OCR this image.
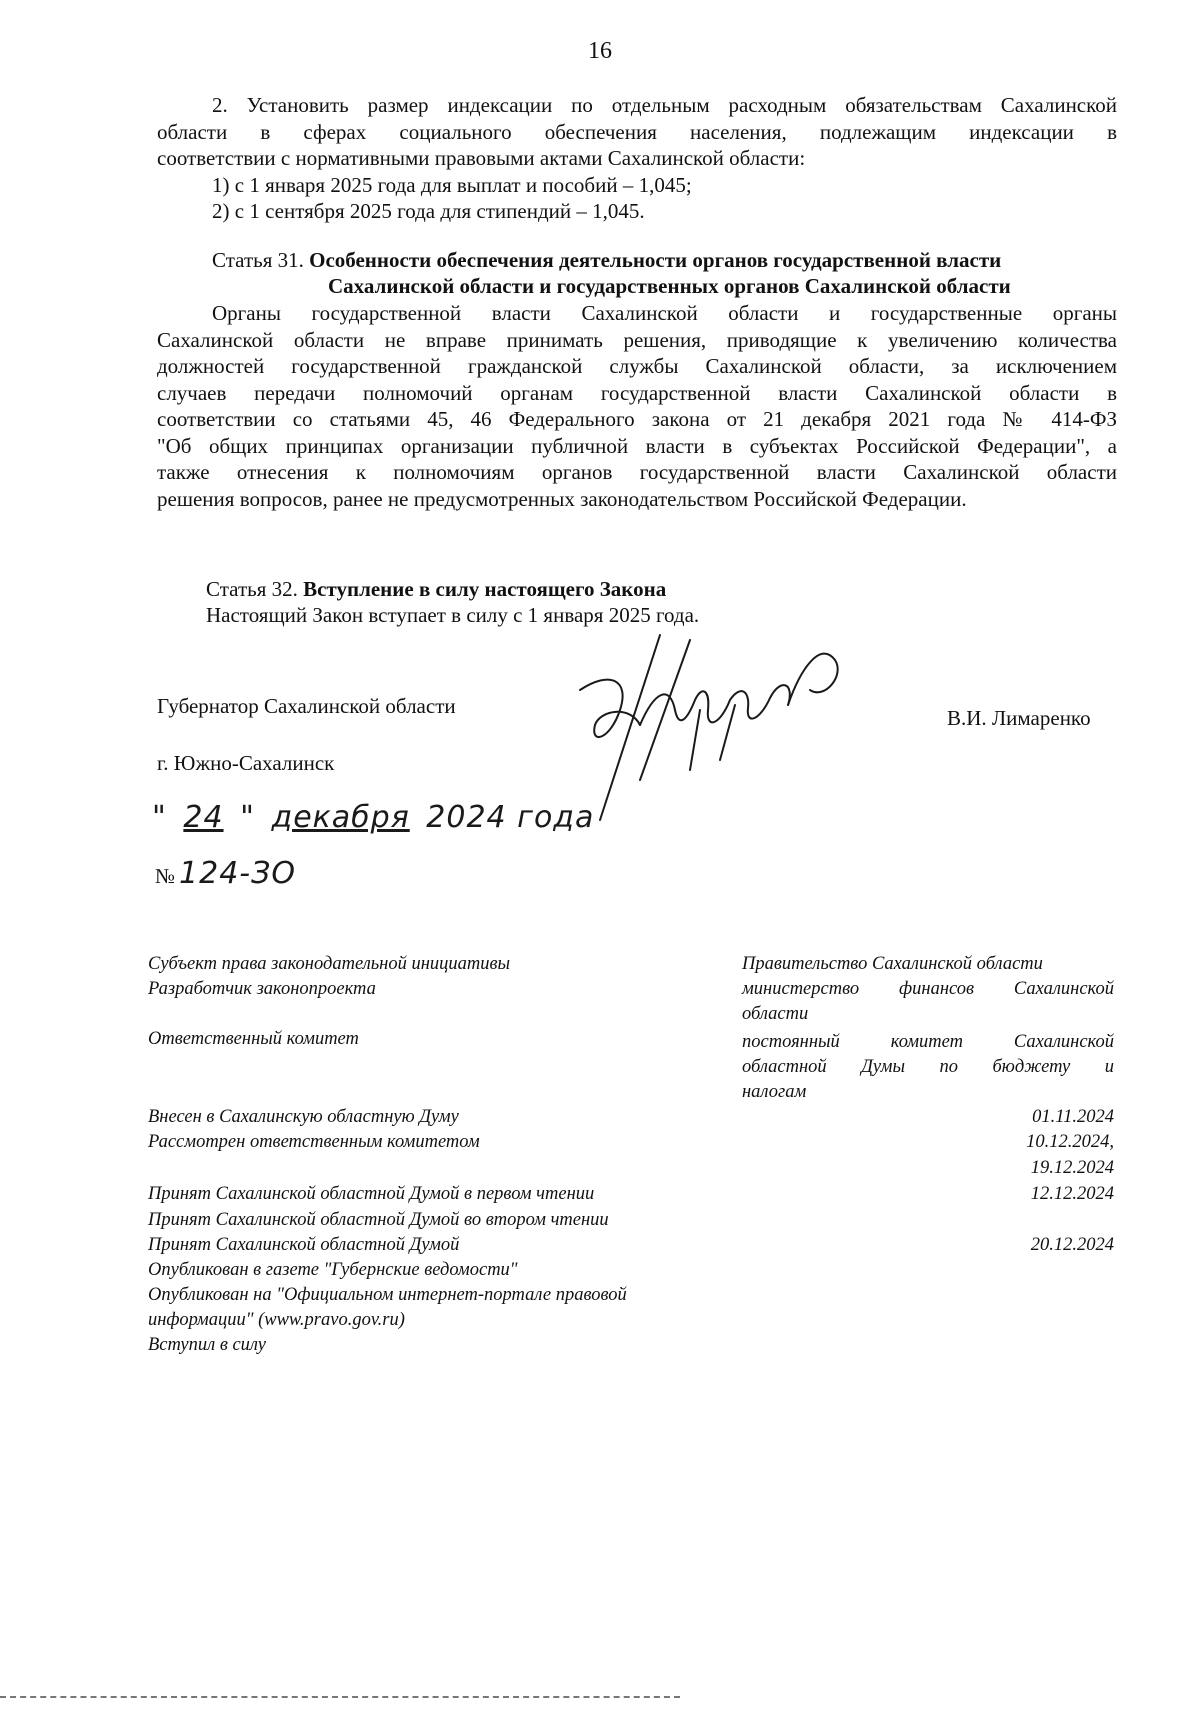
16
2. Установить размер индексации по отдельным расходным обязательствам Сахалинской
области в сферах социального обеспечения населения, подлежащим индексации в
соответствии с нормативными правовыми актами Сахалинской области:
1) с 1 января 2025 года для выплат и пособий – 1,045;
2) с 1 сентября 2025 года для стипендий – 1,045.
Статья 31. Особенности обеспечения деятельности органов государственной власти
Сахалинской области и государственных органов Сахалинской области
Органы государственной власти Сахалинской области и государственные органы
Сахалинской области не вправе принимать решения, приводящие к увеличению количества
должностей государственной гражданской службы Сахалинской области, за исключением
случаев передачи полномочий органам государственной власти Сахалинской области в
соответствии со статьями 45, 46 Федерального закона от 21 декабря 2021 года № 414-ФЗ
"Об общих принципах организации публичной власти в субъектах Российской Федерации", а
также отнесения к полномочиям органов государственной власти Сахалинской области
решения вопросов, ранее не предусмотренных законодательством Российской Федерации.
Статья 32. Вступление в силу настоящего Закона
Настоящий Закон вступает в силу с 1 января 2025 года.
Губернатор Сахалинской области	В.И. Лимаренко
г. Южно-Сахалинск
" 24 " декабря 2024 года
№ 124-ЗО
Субъект права законодательной инициативы
Разработчик законопроекта
Ответственный комитет
Внесен в Сахалинскую областную Думу
Рассмотрен ответственным комитетом
Принят Сахалинской областной Думой в первом чтении
Принят Сахалинской областной Думой во втором чтении
Принят Сахалинской областной Думой
Опубликован в газете "Губернские ведомости"
Опубликован на "Официальном интернет-портале правовой
информации" (www.pravo.gov.ru)
Вступил в силу
Правительство Сахалинской области
министерство финансов Сахалинской
области
постоянный комитет Сахалинской
областной Думы по бюджету и
налогам
01.11.2024
10.12.2024,
19.12.2024
12.12.2024
20.12.2024
